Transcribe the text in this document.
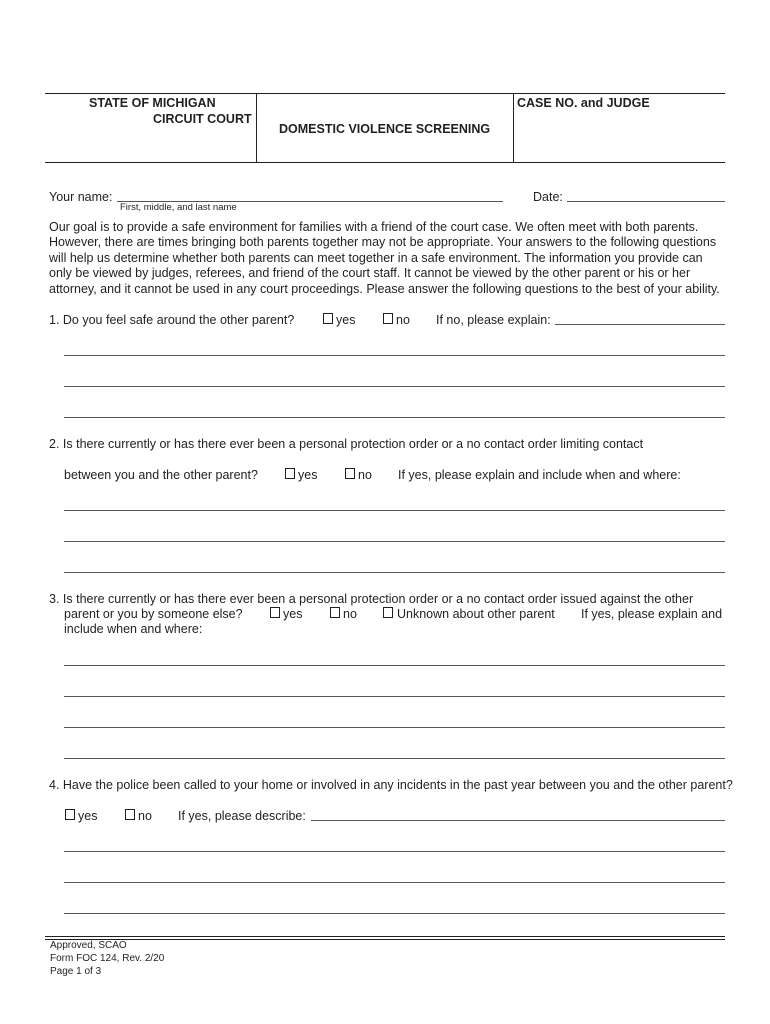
STATE OF MICHIGAN
CIRCUIT COURT
DOMESTIC VIOLENCE SCREENING
CASE NO. and JUDGE
Your name:
First, middle, and last name
Date:
Our goal is to provide a safe environment for families with a friend of the court case. We often meet with both parents.
However, there are times bringing both parents together may not be appropriate. Your answers to the following questions
will help us determine whether both parents can meet together in a safe environment. The information you provide can
only be viewed by judges, referees, and friend of the court staff. It cannot be viewed by the other parent or his or her
attorney, and it cannot be used in any court proceedings. Please answer the following questions to the best of your ability.
1. Do you feel safe around the other parent?	yes	no If no, please explain:
2. Is there currently or has there ever been a personal protection order or a no contact order limiting contact
between you and the other parent?	yes	no If yes, please explain and include when and where:
3. Is there currently or has there ever been a personal protection order or a no contact order issued against the other
parent or you by someone else?	yes	no	Unknown about other parent If yes, please explain and
include when and where:
4. Have the police been called to your home or involved in any incidents in the past year between you and the other parent?
yes	no If yes, please describe:
Approved, SCAO
Form FOC 124, Rev. 2/20
Page 1 of 3
